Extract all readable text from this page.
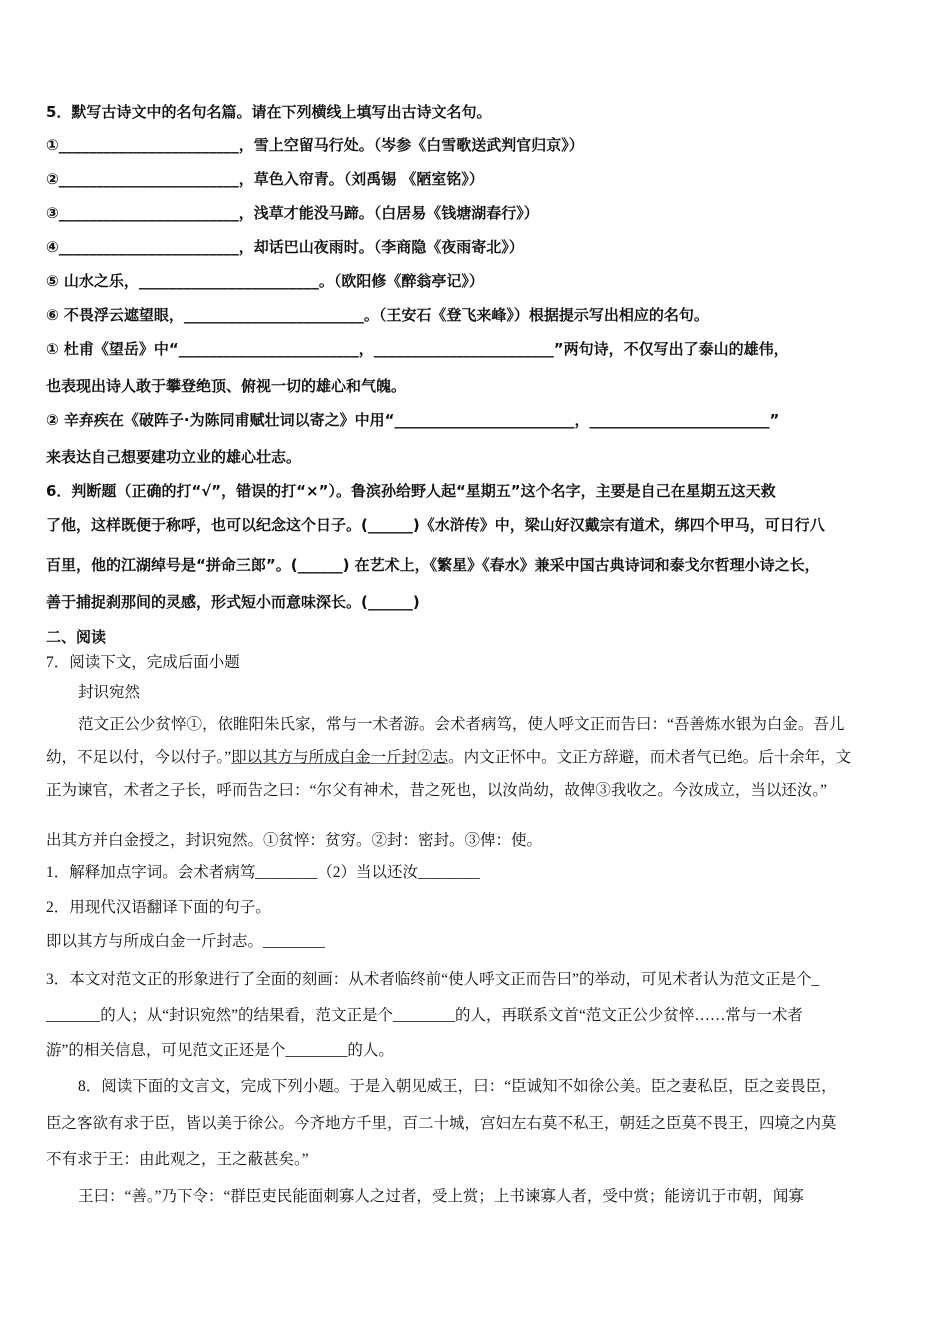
5．默写古诗文中的名句名篇。请在下列横线上填写出古诗文名句。
①________________________，雪上空留马行处。（岑参《白雪歌送武判官归京》）
②________________________，草色入帘青。（刘禹锡 《陋室铭》）
③________________________，浅草才能没马蹄。（白居易《钱塘湖春行》）
④________________________，却话巴山夜雨时。（李商隐《夜雨寄北》）
⑤ 山水之乐，________________________。（欧阳修《醉翁亭记》）
⑥ 不畏浮云遮望眼，________________________。（王安石《登飞来峰》）根据提示写出相应的名句。
① 杜甫《望岳》中“________________________，________________________”两句诗，不仅写出了泰山的雄伟，
也表现出诗人敢于攀登绝顶、俯视一切的雄心和气魄。
② 辛弃疾在《破阵子·为陈同甫赋壮词以寄之》中用“________________________，________________________”
来表达自己想要建功立业的雄心壮志。
6．判断题（正确的打“√”，错误的打“×”）。鲁滨孙给野人起“星期五”这个名字，主要是自己在星期五这天救
了他，这样既便于称呼，也可以纪念这个日子。(______)《水浒传》中，梁山好汉戴宗有道术，绑四个甲马，可日行八
百里，他的江湖绰号是“拼命三郎”。(______) 在艺术上，《繁星》《春水》兼采中国古典诗词和泰戈尔哲理小诗之长，
善于捕捉刹那间的灵感，形式短小而意味深长。(______)
二、阅读
7．阅读下文，完成后面小题
封识宛然
范文正公少贫悴①，依睢阳朱氏家，常与一术者游。会术者病笃，使人呼文正而告曰：“吾善炼水银为白金。吾儿
幼，不足以付，今以付子。”即以其方与所成白金一斤封②志。内文正怀中。文正方辞避，而术者气已绝。后十余年，文
正为谏官，术者之子长，呼而告之曰：“尔父有神术，昔之死也，以汝尚幼，故俾③我收之。今汝成立，当以还汝。”
出其方并白金授之，封识宛然。①贫悴：贫穷。②封：密封。③俾：使。
1．解释加点字词。会术者病笃________（2）当以还汝________
2．用现代汉语翻译下面的句子。
即以其方与所成白金一斤封志。________
3．本文对范文正的形象进行了全面的刻画：从术者临终前“使人呼文正而告曰”的举动，可见术者认为范文正是个_
_______的人；从“封识宛然”的结果看，范文正是个________的人，再联系文首“范文正公少贫悴……常与一术者
游”的相关信息，可见范文正还是个________的人。
8．阅读下面的文言文，完成下列小题。于是入朝见威王，曰：“臣诚知不如徐公美。臣之妻私臣，臣之妾畏臣，
臣之客欲有求于臣，皆以美于徐公。今齐地方千里，百二十城，宫妇左右莫不私王，朝廷之臣莫不畏王，四境之内莫
不有求于王：由此观之，王之蔽甚矣。”
王曰：“善。”乃下令：“群臣吏民能面刺寡人之过者，受上赏；上书谏寡人者，受中赏；能谤讥于市朝，闻寡
